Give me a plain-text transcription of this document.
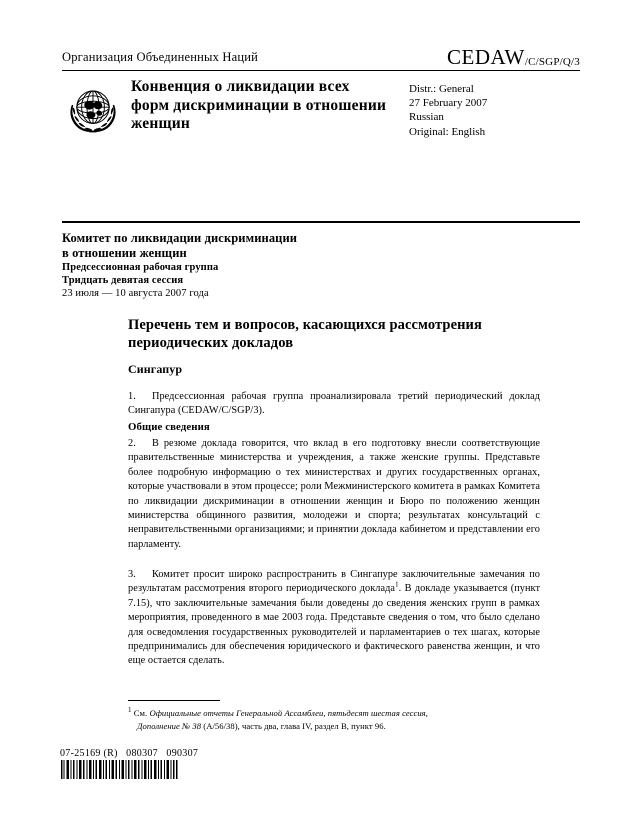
Организация Объединенных Наций	CEDAW/C/SGP/Q/3
Конвенция о ликвидации всех форм дискриминации в отношении женщин
Distr.: General
27 February 2007
Russian
Original: English
Комитет по ликвидации дискриминации
в отношении женщин
Предсессионная рабочая группа
Тридцать девятая сессия
23 июля — 10 августа 2007 года
Перечень тем и вопросов, касающихся рассмотрения периодических докладов
Сингапур
1. Предсессионная рабочая группа проанализировала третий периодический доклад Сингапура (CEDAW/C/SGP/3).
Общие сведения
2. В резюме доклада говорится, что вклад в его подготовку внесли соответствующие правительственные министерства и учреждения, а также женские группы. Представьте более подробную информацию о тех министерствах и других государственных органах, которые участвовали в этом процессе; роли Межминистерского комитета в рамках Комитета по ликвидации дискриминации в отношении женщин и Бюро по положению женщин министерства общинного развития, молодежи и спорта; результатах консультаций с неправительственными организациями; и принятии доклада кабинетом и представлении его парламенту.
3. Комитет просит широко распространить в Сингапуре заключительные замечания по результатам рассмотрения второго периодического доклада$^1$. В докладе указывается (пункт 7.15), что заключительные замечания были доведены до сведения женских групп в рамках мероприятия, проведенного в мае 2003 года. Представьте сведения о том, что было сделано для осведомления государственных руководителей и парламентариев о тех шагах, которые предпринимались для обеспечения юридического и фактического равенства женщин, и что еще остается сделать.
$^1$ См. Официальные отчеты Генеральной Ассамблеи, пятьдесят шестая сессия,
Дополнение № 38 (A/56/38), часть два, глава IV, раздел B, пункт 96.
07-25169 (R) 080307 090307
